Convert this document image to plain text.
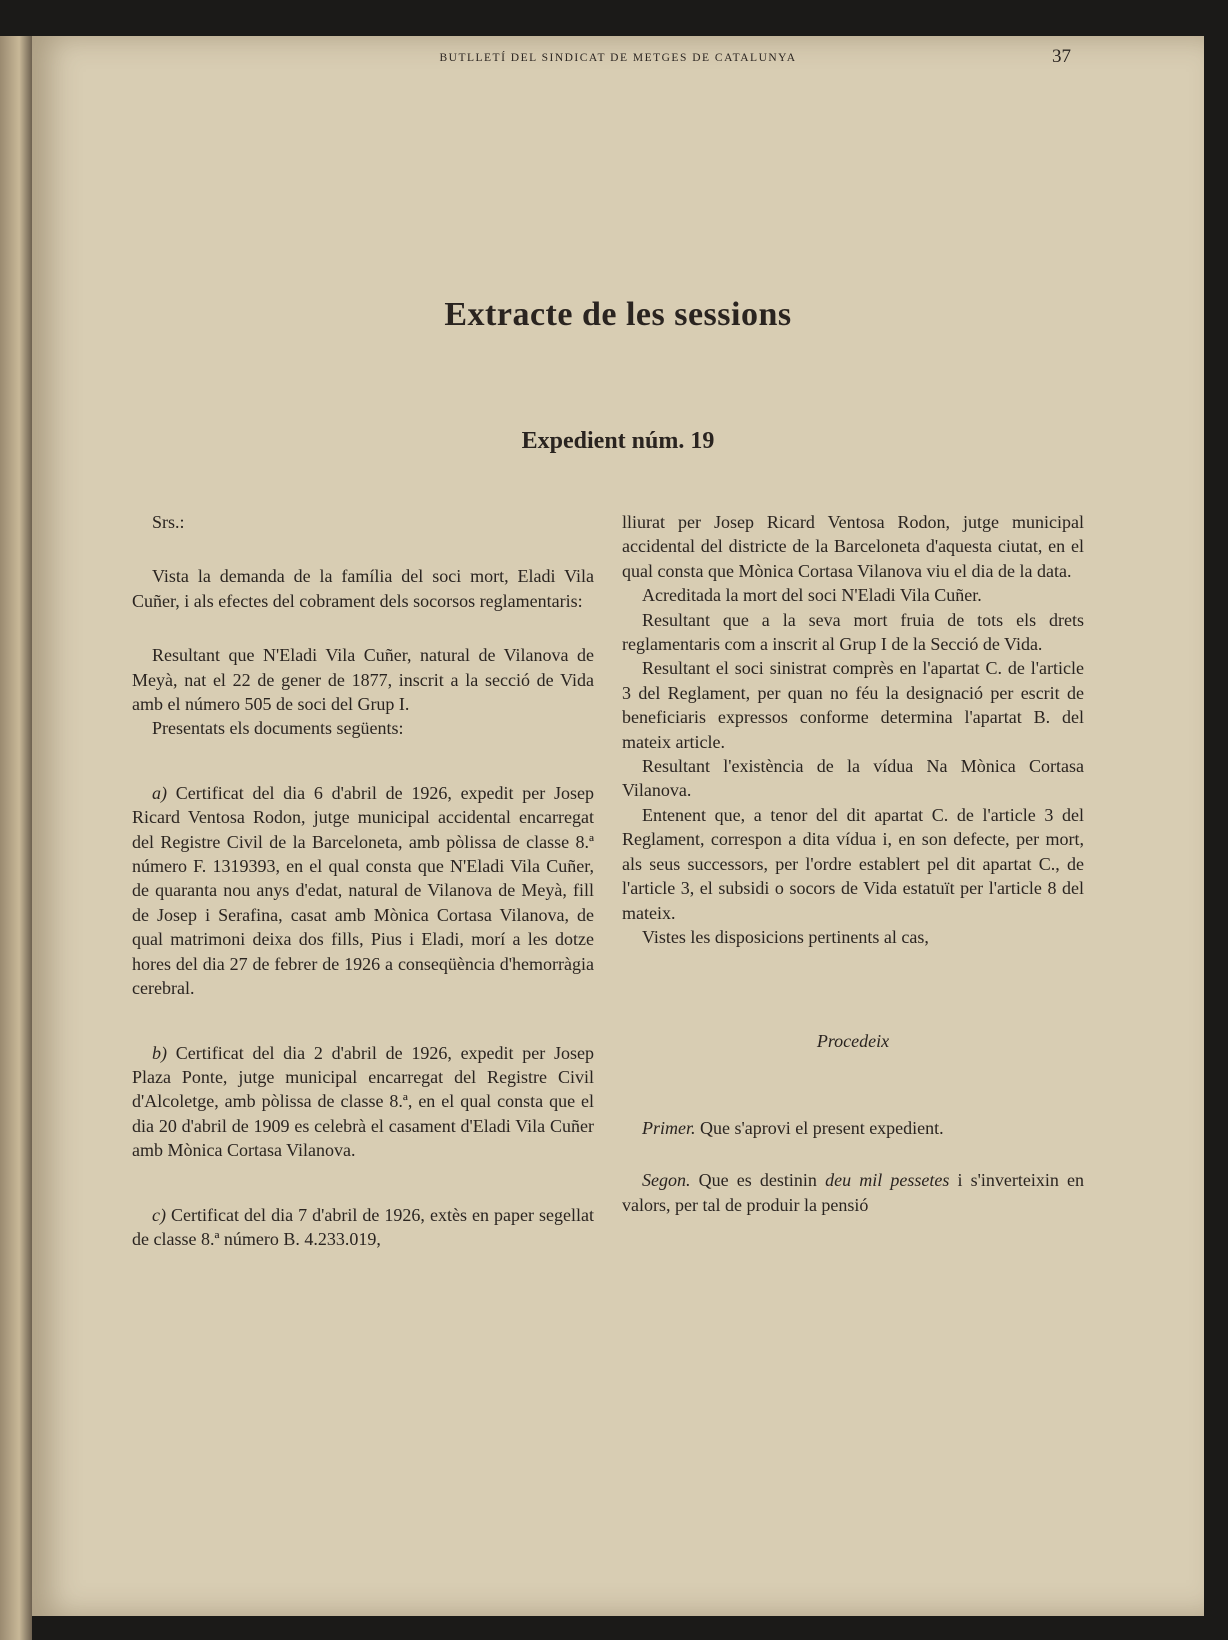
BUTLLETÍ DEL SINDICAT DE METGES DE CATALUNYA	37
Extracte de les sessions
Expedient núm. 19

Srs.:

Vista la demanda de la família del soci mort, Eladi Vila Cuñer, i als efectes del cobrament dels socorsos reglamentaris:

Resultant que N'Eladi Vila Cuñer, natural de Vilanova de Meyà, nat el 22 de gener de 1877, inscrit a la secció de Vida amb el número 505 de soci del Grup I.

Presentats els documents següents:

a) Certificat del dia 6 d'abril de 1926, expedit per Josep Ricard Ventosa Rodon, jutge municipal accidental encarregat del Registre Civil de la Barceloneta, amb pòlissa de classe 8.ª número F. 1319393, en el qual consta que N'Eladi Vila Cuñer, de quaranta nou anys d'edat, natural de Vilanova de Meyà, fill de Josep i Serafina, casat amb Mònica Cortasa Vilanova, de qual matrimoni deixa dos fills, Pius i Eladi, morí a les dotze hores del dia 27 de febrer de 1926 a conseqüència d'hemorràgia cerebral.

b) Certificat del dia 2 d'abril de 1926, expedit per Josep Plaza Ponte, jutge municipal encarregat del Registre Civil d'Alcoletge, amb pòlissa de classe 8.ª, en el qual consta que el dia 20 d'abril de 1909 es celebrà el casament d'Eladi Vila Cuñer amb Mònica Cortasa Vilanova.

c) Certificat del dia 7 d'abril de 1926, extès en paper segellat de classe 8.ª número B. 4.233.019,

lliurat per Josep Ricard Ventosa Rodon, jutge municipal accidental del districte de la Barceloneta d'aquesta ciutat, en el qual consta que Mònica Cortasa Vilanova viu el dia de la data.

Acreditada la mort del soci N'Eladi Vila Cuñer.

Resultant que a la seva mort fruia de tots els drets reglamentaris com a inscrit al Grup I de la Secció de Vida.

Resultant el soci sinistrat comprès en l'apartat C. de l'article 3 del Reglament, per quan no féu la designació per escrit de beneficiaris expressos conforme determina l'apartat B. del mateix article.

Resultant l'existència de la vídua Na Mònica Cortasa Vilanova.

Entenent que, a tenor del dit apartat C. de l'article 3 del Reglament, correspon a dita vídua i, en son defecte, per mort, als seus successors, per l'ordre establert pel dit apartat C., de l'article 3, el subsidi o socors de Vida estatuït per l'article 8 del mateix.

Vistes les disposicions pertinents al cas,

Procedeix

Primer. Que s'aprovi el present expedient.

Segon. Que es destinin deu mil pessetes i s'inverteixin en valors, per tal de produir la pensió
